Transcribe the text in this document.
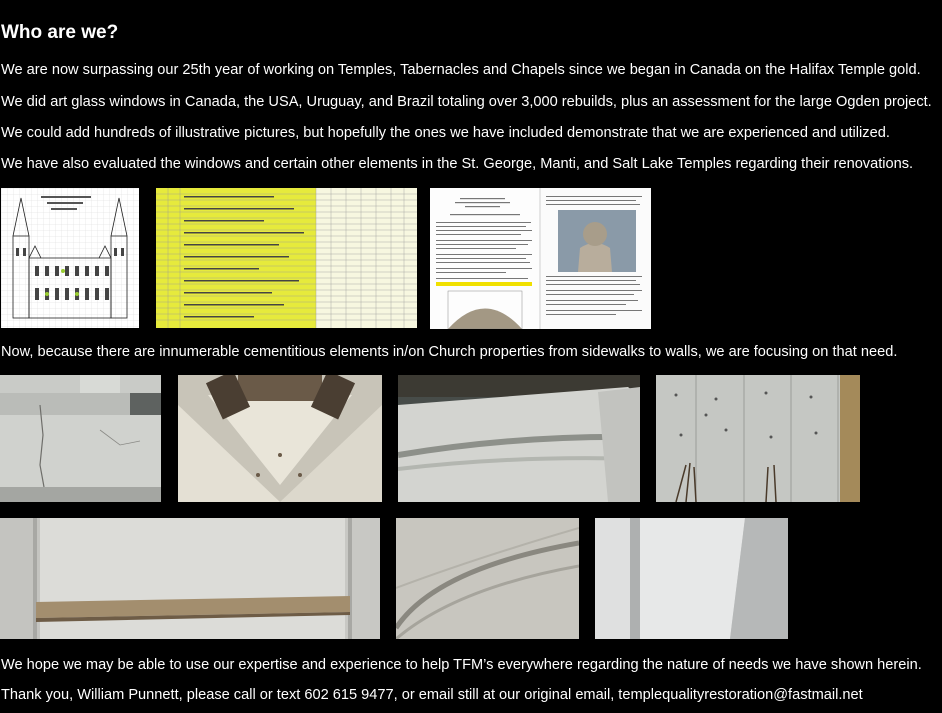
Who are we?
We are now surpassing our 25th year of working on Temples, Tabernacles and Chapels since we began in Canada on the Halifax Temple gold.
We did art glass windows in Canada, the USA, Uruguay, and Brazil totaling over 3,000 rebuilds, plus an assessment for the large Ogden project.
We could add hundreds of illustrative pictures, but hopefully the ones we have included demonstrate that we are experienced and utilized.
We have also evaluated the windows and certain other elements in the St. George, Manti, and Salt Lake Temples regarding their renovations.
Now, because there are innumerable cementitious elements in/on Church properties from sidewalks to walls, we are focusing on that need.
We hope we may be able to use our expertise and experience to help TFM’s everywhere regarding the nature of needs we have shown herein.
Thank you, William Punnett, please call or text 602 615 9477, or email still at our original email, templequalityrestoration@fastmail.net
